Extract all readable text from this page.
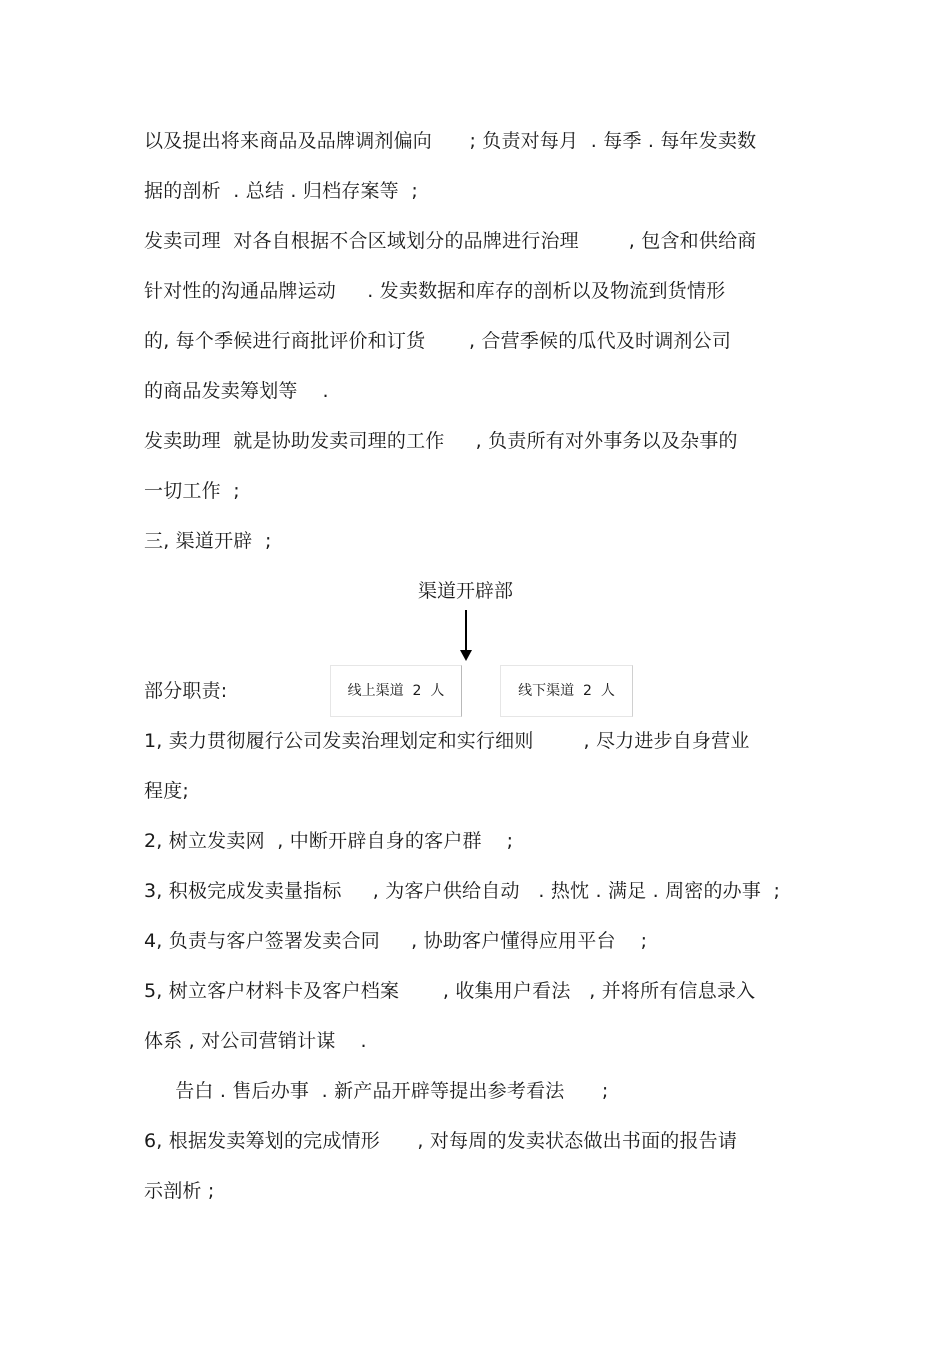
以及提出将来商品及品牌调剂偏向      ; 负责对每月  . 每季 . 每年发卖数
据的剖析  . 总结 . 归档存案等  ;
发卖司理  对各自根据不合区域划分的品牌进行治理        , 包含和供给商
针对性的沟通品牌运动     . 发卖数据和库存的剖析以及物流到货情形
的, 每个季候进行商批评价和订货       , 合营季候的瓜代及时调剂公司
的商品发卖筹划等    .
发卖助理  就是协助发卖司理的工作     , 负责所有对外事务以及杂事的
一切工作  ;
三, 渠道开辟  ;
渠道开辟部
部分职责:	线上渠道  2  人	线下渠道  2  人
1, 卖力贯彻履行公司发卖治理划定和实行细则        , 尽力进步自身营业
程度;
2, 树立发卖网  , 中断开辟自身的客户群    ;
3, 积极完成发卖量指标     , 为客户供给自动   . 热忱 . 满足 . 周密的办事  ;
4, 负责与客户签署发卖合同     , 协助客户懂得应用平台    ;
5, 树立客户材料卡及客户档案       , 收集用户看法   , 并将所有信息录入
体系 , 对公司营销计谋    .
告白 . 售后办事  . 新产品开辟等提出参考看法      ;
6, 根据发卖筹划的完成情形      , 对每周的发卖状态做出书面的报告请
示剖析 ;
